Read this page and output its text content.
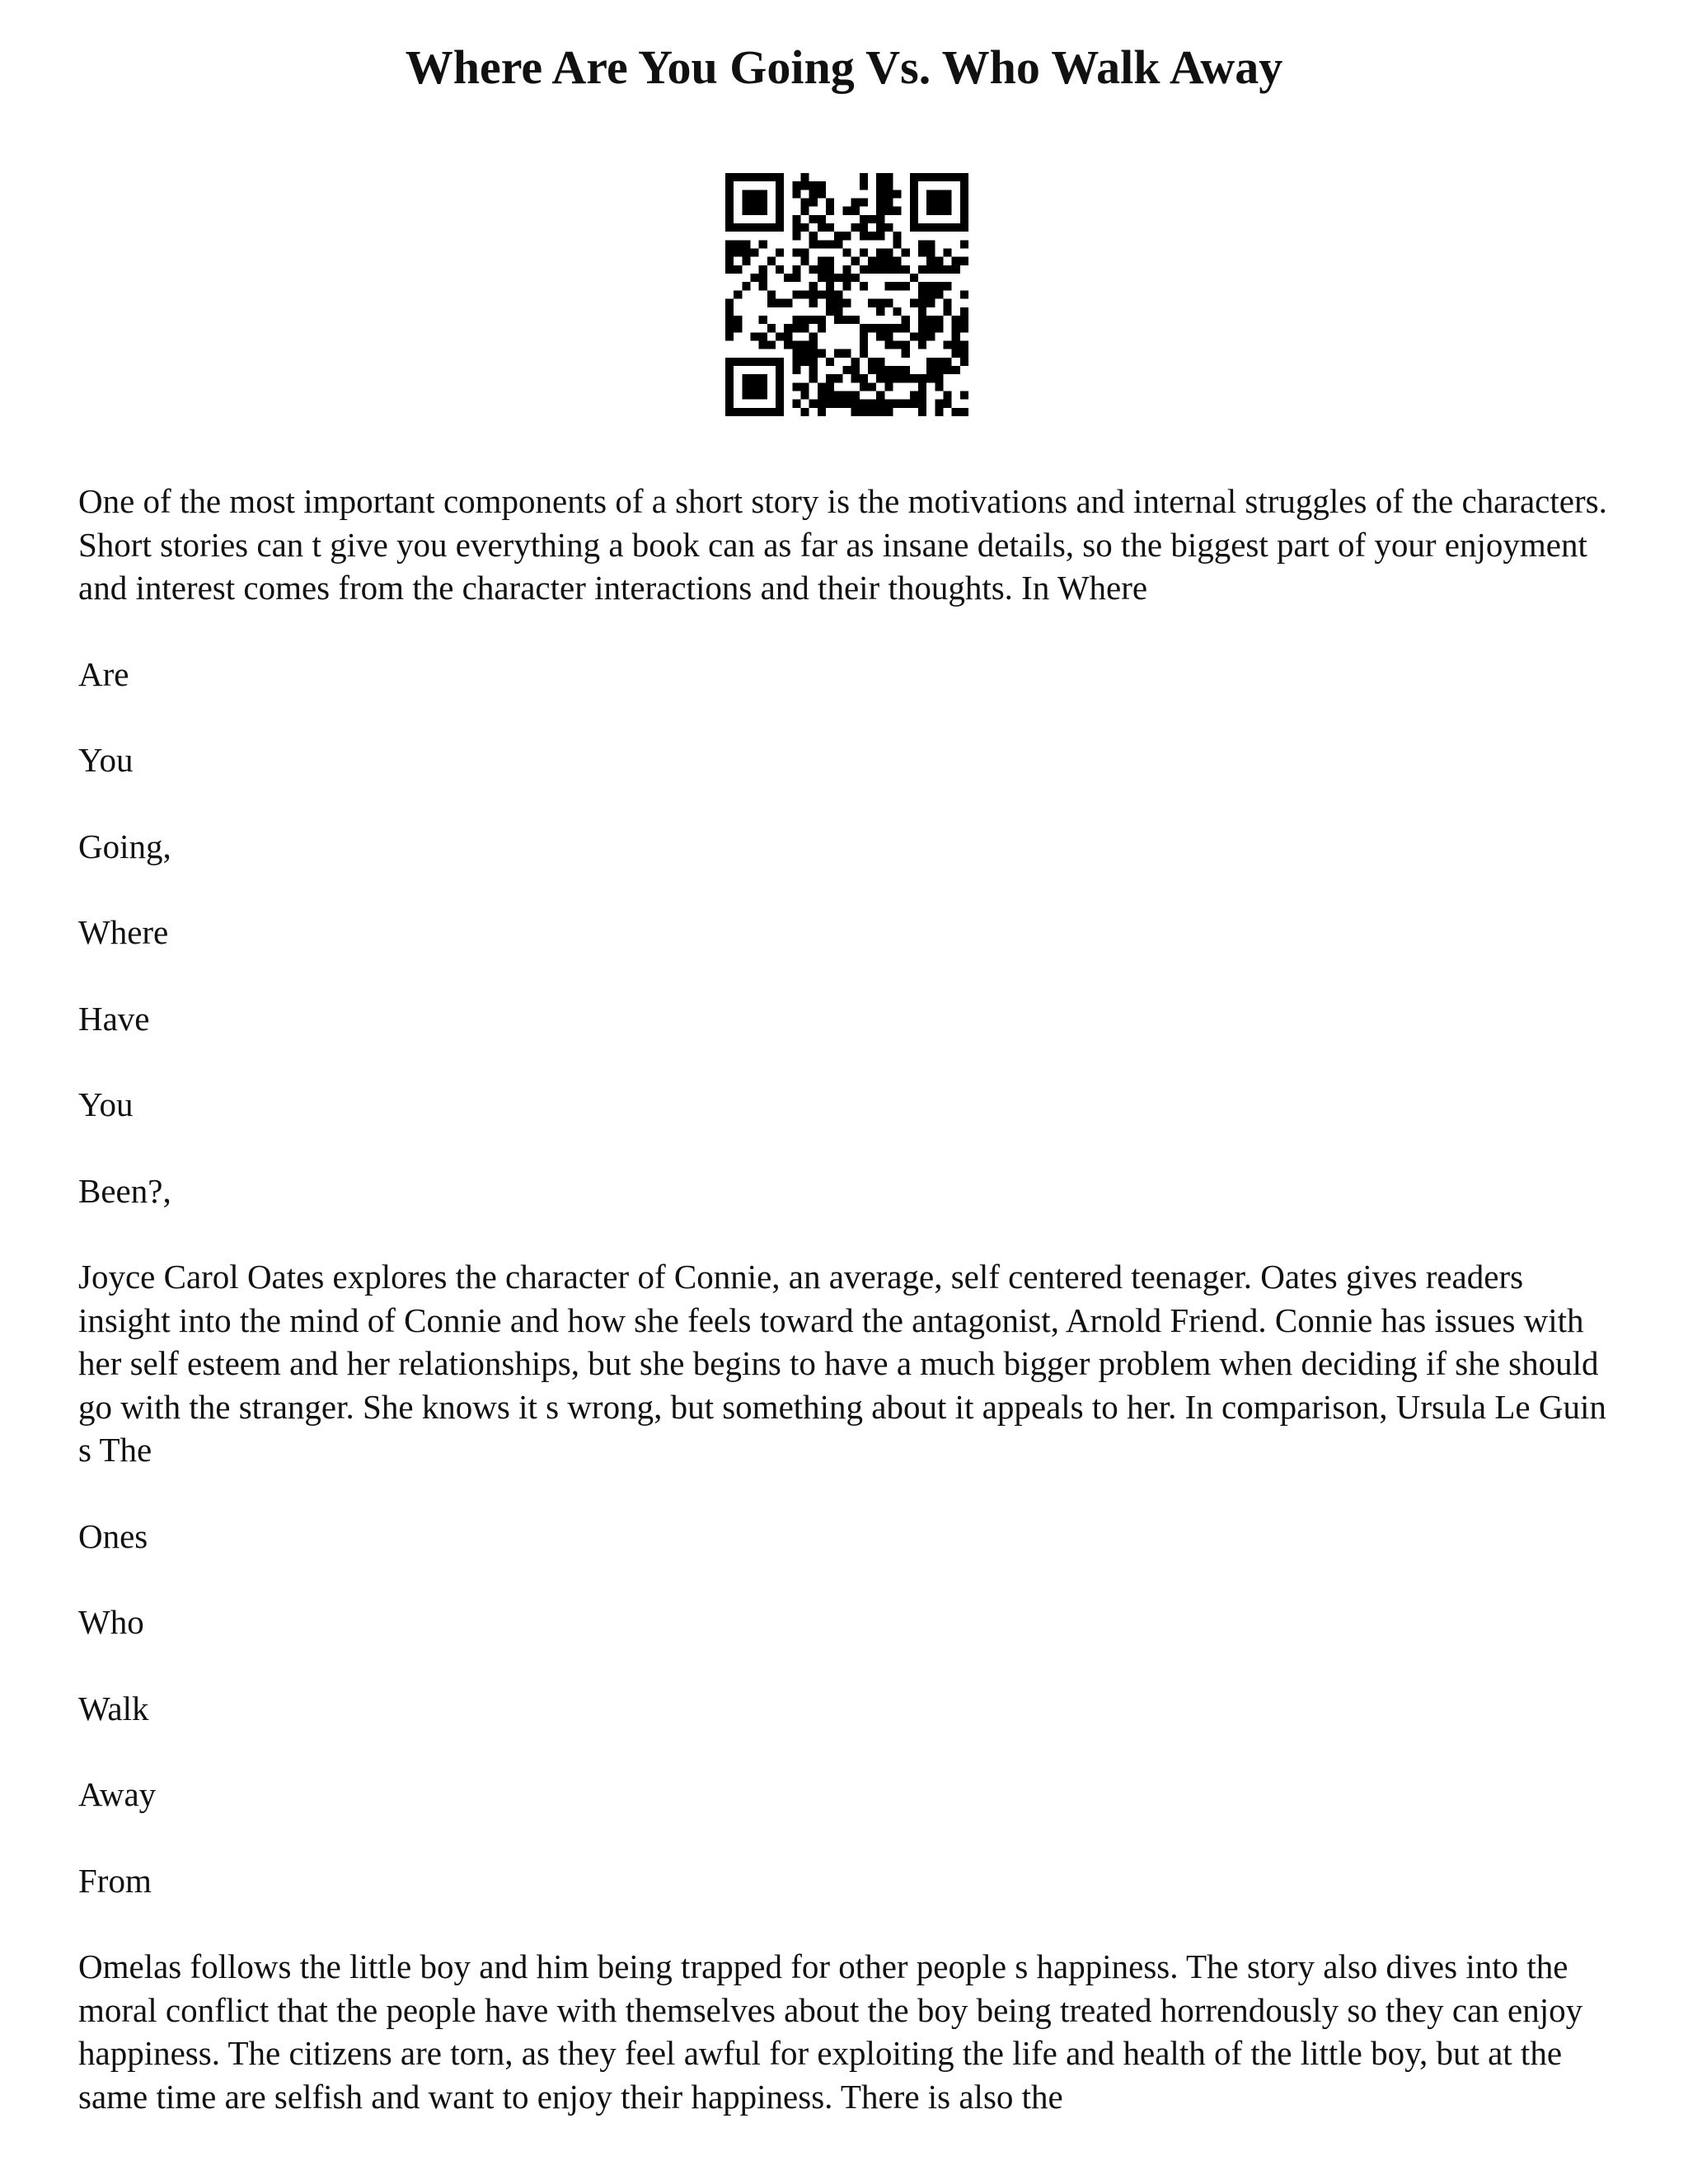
Where Are You Going Vs. Who Walk Away

One of the most important components of a short story is the motivations and internal struggles of the characters. Short stories can t give you everything a book can as far as insane details, so the biggest part of your enjoyment and interest comes from the character interactions and their thoughts. In Where

Are

You

Going,

Where

Have

You

Been?,

Joyce Carol Oates explores the character of Connie, an average, self centered teenager. Oates gives readers insight into the mind of Connie and how she feels toward the antagonist, Arnold Friend. Connie has issues with her self esteem and her relationships, but she begins to have a much bigger problem when deciding if she should go with the stranger. She knows it s wrong, but something about it appeals to her. In comparison, Ursula Le Guin s The

Ones

Who

Walk

Away

From

Omelas follows the little boy and him being trapped for other people s happiness. The story also dives into the moral conflict that the people have with themselves about the boy being treated horrendously so they can enjoy happiness. The citizens are torn, as they feel awful for exploiting the life and health of the little boy, but at the same time are selfish and want to enjoy their happiness. There is also the
